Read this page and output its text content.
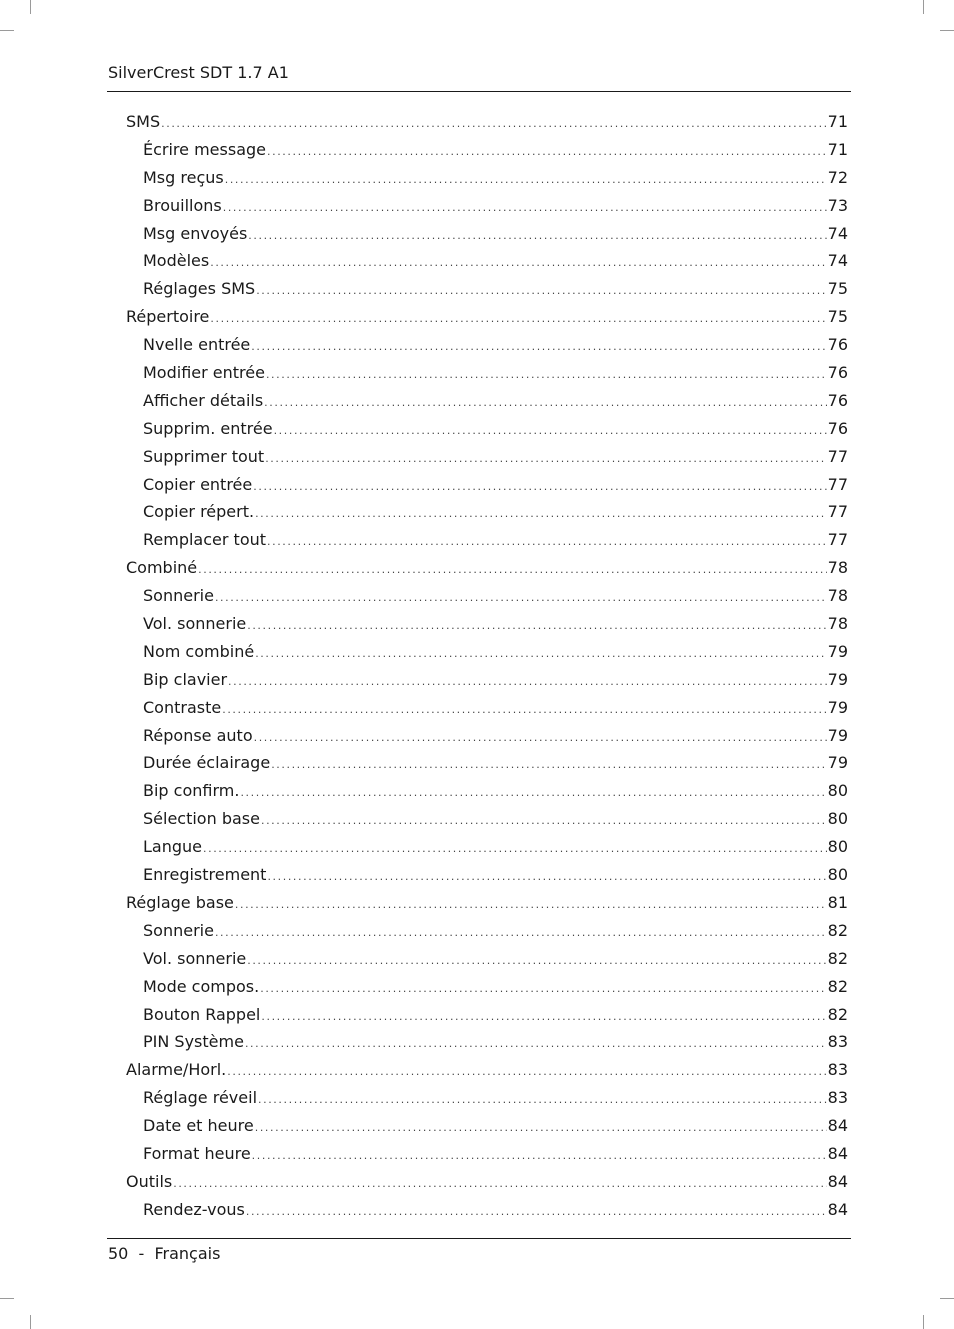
SilverCrest SDT 1.7 A1
SMS .....	71
Écrire message .....	71
Msg reçus .....	72
Brouillons .....	73
Msg envoyés .....	74
Modèles .....	74
Réglages SMS .....	75
Répertoire .....	75
Nvelle entrée .....	76
Modifier entrée .....	76
Afficher détails .....	76
Supprim. entrée .....	76
Supprimer tout .....	77
Copier entrée .....	77
Copier répert. .....	77
Remplacer tout .....	77
Combiné .....	78
Sonnerie .....	78
Vol. sonnerie .....	78
Nom combiné .....	79
Bip clavier .....	79
Contraste .....	79
Réponse auto .....	79
Durée éclairage .....	79
Bip confirm. .....	80
Sélection base .....	80
Langue .....	80
Enregistrement .....	80
Réglage base .....	81
Sonnerie .....	82
Vol. sonnerie .....	82
Mode compos. .....	82
Bouton Rappel .....	82
PIN Système .....	83
Alarme/Horl. .....	83
Réglage réveil .....	83
Date et heure .....	84
Format heure .....	84
Outils .....	84
Rendez-vous .....	84
50 - Français
